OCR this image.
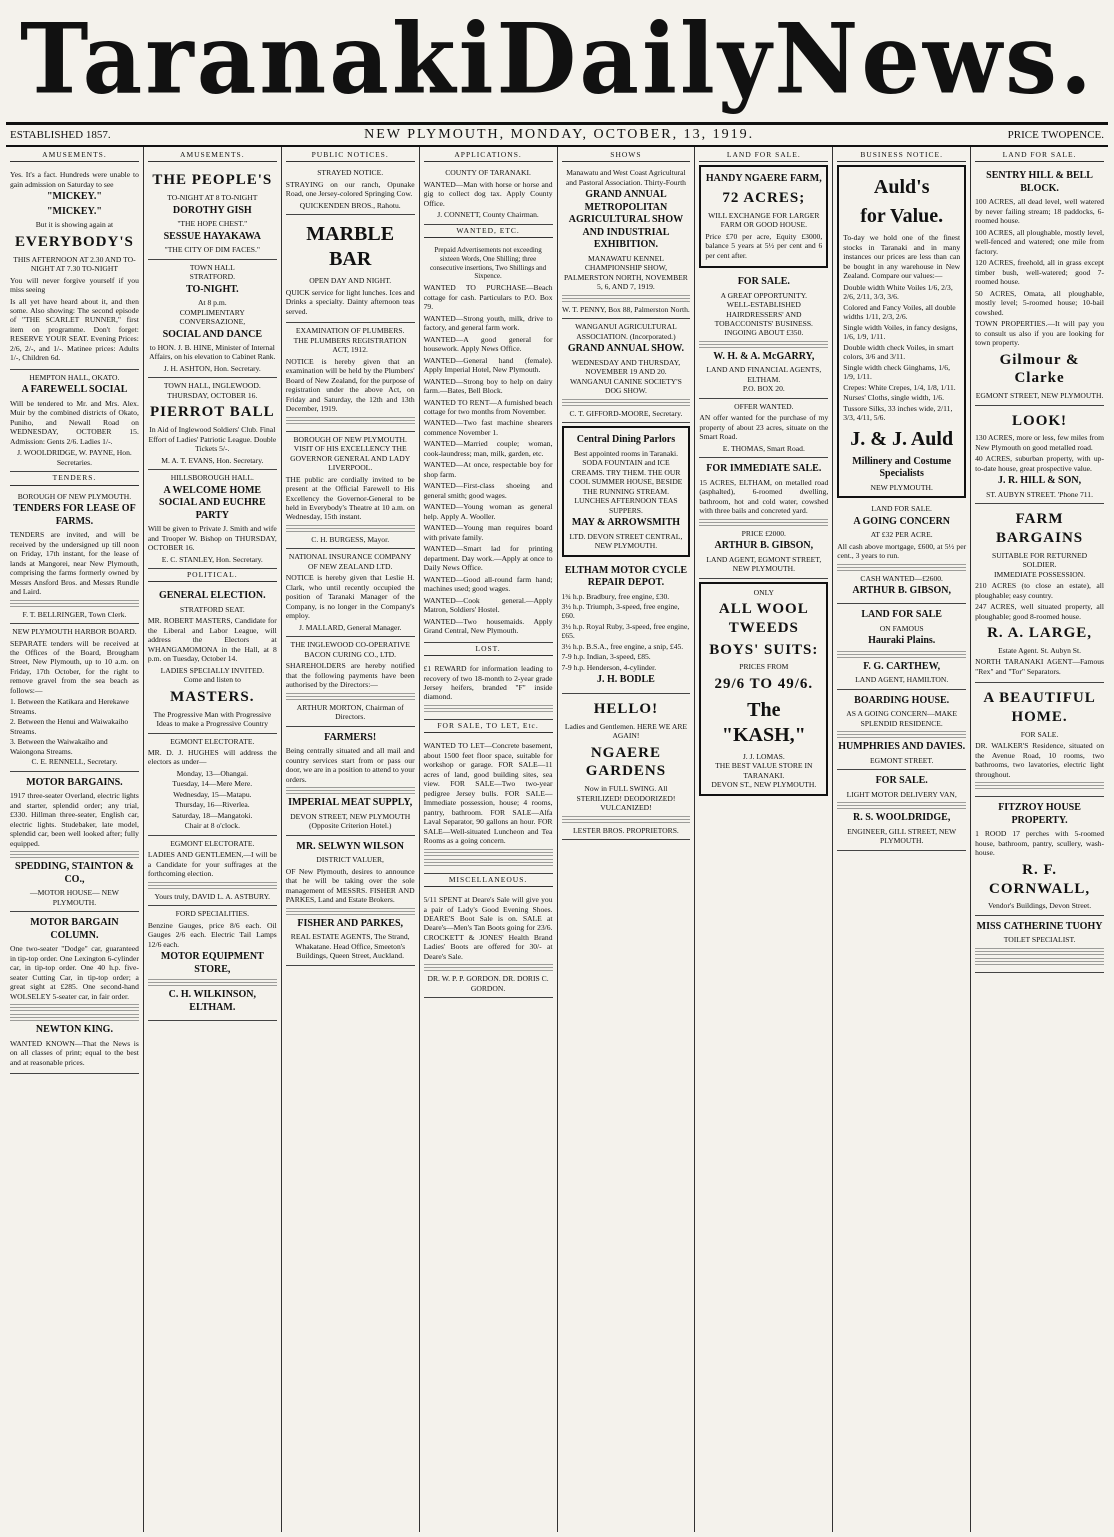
Taranaki Daily News.
ESTABLISHED 1857.	NEW PLYMOUTH, MONDAY, OCTOBER, 13, 1919.	PRICE TWOPENCE.
AMUSEMENTS.

Yes. It's a fact. Hundreds were unable to gain admission on Saturday to see

"MICKEY."
"MICKEY."
But it is showing again at
EVERYBODY'S
THIS AFTERNOON AT 2.30 AND TO-NIGHT AT 7.30 TO-NIGHT

You will never forgive yourself if you miss seeing

Is all yet have heard about it, and then some. Also showing: The second episode of "THE SCARLET RUNNER," first item on programme. Don't forget: RESERVE YOUR SEAT. Evening Prices: 2/6, 2/-, and 1/-. Matinee prices: Adults 1/-, Children 6d.

HEMPTON HALL, OKATO.
A FAREWELL SOCIAL

Will be tendered to Mr. and Mrs. Alex. Muir by the combined districts of Okato, Puniho, and Newall Road on WEDNESDAY, OCTOBER 15. Admission: Gents 2/6. Ladies 1/-.

J. WOOLDRIDGE, W. PAYNE, Hon. Secretaries.
TENDERS.
BOROUGH OF NEW PLYMOUTH.
TENDERS FOR LEASE OF FARMS.

TENDERS are invited, and will be received by the undersigned up till noon on Friday, 17th instant, for the lease of lands at Mangorei, near New Plymouth, comprising the farms formerly owned by Messrs Ansford Bros. and Messrs Rundle and Laird.

F. T. BELLRINGER, Town Clerk.
NEW PLYMOUTH HARBOR BOARD.

SEPARATE tenders will be received at the Offices of the Board, Brougham Street, New Plymouth, up to 10 a.m. on Friday, 17th October, for the right to remove gravel from the sea beach as follows:—

1. Between the Katikara and Herekawe Streams.
2. Between the Henui and Waiwakaiho Streams.
3. Between the Waiwakaiho and Waiongona Streams.
C. E. RENNELL, Secretary.
MOTOR BARGAINS.

1917 three-seater Overland, electric lights and starter, splendid order; any trial, £330. Hillman three-seater, English car, electric lights. Studebaker, late model, splendid car, been well looked after; fully equipped.

SPEDDING, STAINTON & CO.,
—MOTOR HOUSE— NEW PLYMOUTH.
MOTOR BARGAIN COLUMN.

One two-seater "Dodge" car, guaranteed in tip-top order. One Lexington 6-cylinder car, in tip-top order. One 40 h.p. five-seater Cutting Car, in tip-top order; a great sight at £285. One second-hand WOLSELEY 5-seater car, in fair order.

NEWTON KING.

WANTED KNOWN—That the News is on all classes of print; equal to the best and at reasonable prices.

AMUSEMENTS.
THE PEOPLE'S
TO-NIGHT AT 8 TO-NIGHT
DOROTHY GISH
"THE HOPE CHEST."
SESSUE HAYAKAWA
"THE CITY OF DIM FACES."
TOWN HALL
STRATFORD.
TO-NIGHT.
At 8 p.m.
COMPLIMENTARY CONVERSAZIONE,
SOCIAL AND DANCE

to HON. J. B. HINE, Minister of Internal Affairs, on his elevation to Cabinet Rank.

J. H. ASHTON, Hon. Secretary.
TOWN HALL, INGLEWOOD.
THURSDAY, OCTOBER 16.
PIERROT BALL

In Aid of Inglewood Soldiers' Club. Final Effort of Ladies' Patriotic League. Double Tickets 5/-.

M. A. T. EVANS, Hon. Secretary.
HILLSBOROUGH HALL.
A WELCOME HOME SOCIAL AND EUCHRE PARTY

Will be given to Private J. Smith and wife and Trooper W. Bishop on THURSDAY, OCTOBER 16.

E. C. STANLEY, Hon. Secretary.
POLITICAL.
GENERAL ELECTION.
STRATFORD SEAT.

MR. ROBERT MASTERS, Candidate for the Liberal and Labor League, will address the Electors at WHANGAMOMONA in the Hall, at 8 p.m. on Tuesday, October 14.

LADIES SPECIALLY INVITED.
Come and listen to
MASTERS.
The Progressive Man with Progressive Ideas to make a Progressive Country
EGMONT ELECTORATE.

MR. D. J. HUGHES will address the electors as under—

Monday, 13—Ohangai.
Tuesday, 14—Mere Mere.
Wednesday, 15—Matapu.
Thursday, 16—Riverlea.
Saturday, 18—Mangatoki.
Chair at 8 o'clock.
EGMONT ELECTORATE.

LADIES AND GENTLEMEN,—I will be a Candidate for your suffrages at the forthcoming election.

Yours truly, DAVID L. A. ASTBURY.
FORD SPECIALITIES.

Benzine Gauges, price 8/6 each. Oil Gauges 2/6 each. Electric Tail Lamps 12/6 each.

MOTOR EQUIPMENT STORE,
C. H. WILKINSON, ELTHAM.
PUBLIC NOTICES.
STRAYED NOTICE.

STRAYING on our ranch, Opunake Road, one Jersey-colored Springing Cow.

QUICKENDEN BROS., Rahotu.
MARBLE BAR
OPEN DAY AND NIGHT.

QUICK service for light lunches. Ices and Drinks a specialty. Dainty afternoon teas served.

EXAMINATION OF PLUMBERS.
THE PLUMBERS REGISTRATION ACT, 1912.

NOTICE is hereby given that an examination will be held by the Plumbers' Board of New Zealand, for the purpose of registration under the above Act, on Friday and Saturday, the 12th and 13th December, 1919.

BOROUGH OF NEW PLYMOUTH.
VISIT OF HIS EXCELLENCY THE GOVERNOR GENERAL AND LADY LIVERPOOL.

THE public are cordially invited to be present at the Official Farewell to His Excellency the Governor-General to be held in Everybody's Theatre at 10 a.m. on Wednesday, 15th instant.

C. H. BURGESS, Mayor.
NATIONAL INSURANCE COMPANY OF NEW ZEALAND LTD.

NOTICE is hereby given that Leslie H. Clark, who until recently occupied the position of Taranaki Manager of the Company, is no longer in the Company's employ.

J. MALLARD, General Manager.
THE INGLEWOOD CO-OPERATIVE BACON CURING CO., LTD.

SHAREHOLDERS are hereby notified that the following payments have been authorised by the Directors:—

ARTHUR MORTON, Chairman of Directors.
FARMERS!

Being centrally situated and all mail and country services start from or pass our door, we are in a position to attend to your orders.

IMPERIAL MEAT SUPPLY,
DEVON STREET, NEW PLYMOUTH (Opposite Criterion Hotel.)
MR. SELWYN WILSON
DISTRICT VALUER,

OF New Plymouth, desires to announce that he will be taking over the sole management of MESSRS. FISHER AND PARKES, Land and Estate Brokers.

FISHER AND PARKES,
REAL ESTATE AGENTS, The Strand, Whakatane. Head Office, Smeeton's Buildings, Queen Street, Auckland.
APPLICATIONS.
COUNTY OF TARANAKI.

WANTED—Man with horse or horse and gig to collect dog tax. Apply County Office.

J. CONNETT, County Chairman.
WANTED, ETC.

Prepaid Advertisements not exceeding sixteen Words, One Shilling; three consecutive insertions, Two Shillings and Sixpence.

WANTED TO PURCHASE—Beach cottage for cash. Particulars to P.O. Box 79.

WANTED—Strong youth, milk, drive to factory, and general farm work.

WANTED—A good general for housework. Apply News Office.

WANTED—General hand (female). Apply Imperial Hotel, New Plymouth.

WANTED—Strong boy to help on dairy farm.—Bates, Bell Block.

WANTED TO RENT—A furnished beach cottage for two months from November.

WANTED—Two fast machine shearers commence November 1.

WANTED—Married couple; woman, cook-laundress; man, milk, garden, etc.

WANTED—At once, respectable boy for shop farm.

WANTED—First-class shoeing and general smith; good wages.

WANTED—Young woman as general help. Apply A. Wooller.

WANTED—Young man requires board with private family.

WANTED—Smart lad for printing department. Day work.—Apply at once to Daily News Office.

WANTED—Good all-round farm hand; machines used; good wages.

WANTED—Cook general.—Apply Matron, Soldiers' Hostel.

WANTED—Two housemaids. Apply Grand Central, New Plymouth.

LOST.

£1 REWARD for information leading to recovery of two 18-month to 2-year grade Jersey heifers, branded "F" inside diamond.

FOR SALE, TO LET, Etc.

WANTED TO LET—Concrete basement, about 1500 feet floor space, suitable for workshop or garage. FOR SALE—11 acres of land, good building sites, sea view. FOR SALE—Two two-year pedigree Jersey bulls. FOR SALE—Immediate possession, house; 4 rooms, pantry, bathroom. FOR SALE—Alfa Laval Separator, 90 gallons an hour. FOR SALE—Well-situated Luncheon and Tea Rooms as a going concern.

MISCELLANEOUS.

5/11 SPENT at Deare's Sale will give you a pair of Lady's Good Evening Shoes. DEARE'S Boot Sale is on. SALE at Deare's—Men's Tan Boots going for 23/6. CROCKETT & JONES' Health Brand Ladies' Boots are offered for 30/- at Deare's Sale.

DR. W. P. P. GORDON. DR. DORIS C. GORDON.
SHOWS
Manawatu and West Coast Agricultural and Pastoral Association. Thirty-Fourth
GRAND ANNUAL METROPOLITAN AGRICULTURAL SHOW AND INDUSTRIAL EXHIBITION.
MANAWATU KENNEL CHAMPIONSHIP SHOW,
PALMERSTON NORTH, NOVEMBER 5, 6, AND 7, 1919.
W. T. PENNY, Box 88, Palmerston North.
WANGANUI AGRICULTURAL ASSOCIATION. (Incorporated.)
GRAND ANNUAL SHOW.
WEDNESDAY AND THURSDAY, NOVEMBER 19 AND 20.
WANGANUI CANINE SOCIETY'S DOG SHOW.
C. T. GIFFORD-MOORE, Secretary.
Central Dining Parlors

Best appointed rooms in Taranaki. SODA FOUNTAIN and ICE CREAMS. TRY THEM. THE OUR COOL SUMMER HOUSE, BESIDE THE RUNNING STREAM. LUNCHES AFTERNOON TEAS SUPPERS.

MAY & ARROWSMITH
LTD. DEVON STREET CENTRAL, NEW PLYMOUTH.
ELTHAM MOTOR CYCLE REPAIR DEPOT.
1¾ h.p. Bradbury, free engine, £30.
3½ h.p. Triumph, 3-speed, free engine, £60.
3½ h.p. Royal Ruby, 3-speed, free engine, £65.
3½ h.p. B.S.A., free engine, a snip, £45.
7-9 h.p. Indian, 3-speed, £85.
7-9 h.p. Henderson, 4-cylinder.
J. H. BODLE
HELLO!
Ladies and Gentlemen. HERE WE ARE AGAIN!
NGAERE GARDENS

Now in FULL SWING. All STERILIZED! DEODORIZED! VULCANIZED!

LESTER BROS. PROPRIETORS.
LAND FOR SALE.
HANDY NGAERE FARM,
72 ACRES;
WILL EXCHANGE FOR LARGER FARM OR GOOD HOUSE.

Price £70 per acre, Equity £3000, balance 5 years at 5½ per cent and 6 per cent after.

FOR SALE.
A GREAT OPPORTUNITY.
WELL-ESTABLISHED HAIRDRESSERS' AND TOBACCONISTS' BUSINESS. INGOING ABOUT £350.
W. H. & A. McGARRY,
LAND AND FINANCIAL AGENTS, ELTHAM.
P.O. BOX 20.
OFFER WANTED.

AN offer wanted for the purchase of my property of about 23 acres, situate on the Smart Road.

E. THOMAS, Smart Road.
FOR IMMEDIATE SALE.

15 ACRES, ELTHAM, on metalled road (asphalted), 6-roomed dwelling, bathroom, hot and cold water, cowshed with three bails and concreted yard.

PRICE £2000.
ARTHUR B. GIBSON,
LAND AGENT, EGMONT STREET, NEW PLYMOUTH.
ONLY
ALL WOOL TWEEDS
BOYS' SUITS:
PRICES FROM
29/6 TO 49/6.
The "KASH,"
J. J. LOMAS.
THE BEST VALUE STORE IN TARANAKI.
DEVON ST., NEW PLYMOUTH.
BUSINESS NOTICE.
Auld's
for Value.

To-day we hold one of the finest stocks in Taranaki and in many instances our prices are less than can be bought in any warehouse in New Zealand. Compare our values:—

Double width White Voiles 1/6, 2/3, 2/6, 2/11, 3/3, 3/6.
Colored and Fancy Voiles, all double widths 1/11, 2/3, 2/6.
Single width Voiles, in fancy designs, 1/6, 1/9, 1/11.
Double width check Voiles, in smart colors, 3/6 and 3/11.
Single width check Ginghams, 1/6, 1/9, 1/11.
Crepes: White Crepes, 1/4, 1/8, 1/11.
Nurses' Cloths, single width, 1/6.
Tussore Silks, 33 inches wide, 2/11, 3/3, 4/11, 5/6.
J. & J. Auld
Millinery and Costume Specialists
NEW PLYMOUTH.
LAND FOR SALE.
A GOING CONCERN
AT £32 PER ACRE.

All cash above mortgage, £600, at 5½ per cent., 3 years to run.

CASH WANTED—£2600.
ARTHUR B. GIBSON,
LAND FOR SALE
ON FAMOUS
Hauraki Plains.
F. G. CARTHEW,
LAND AGENT, HAMILTON.
BOARDING HOUSE.
AS A GOING CONCERN—MAKE SPLENDID RESIDENCE.
HUMPHRIES AND DAVIES.
EGMONT STREET.
FOR SALE.
LIGHT MOTOR DELIVERY VAN,
R. S. WOOLDRIDGE,
ENGINEER, GILL STREET, NEW PLYMOUTH.
LAND FOR SALE.
SENTRY HILL & BELL BLOCK.

100 ACRES, all dead level, well watered by never failing stream; 18 paddocks, 6-roomed house.

100 ACRES, all ploughable, mostly level, well-fenced and watered; one mile from factory.

120 ACRES, freehold, all in grass except timber bush, well-watered; good 7-roomed house.

50 ACRES, Omata, all ploughable, mostly level; 5-roomed house; 10-bail cowshed.

TOWN PROPERTIES.—It will pay you to consult us also if you are looking for town property.

Gilmour & Clarke
EGMONT STREET, NEW PLYMOUTH.
LOOK!

130 ACRES, more or less, few miles from New Plymouth on good metalled road.

40 ACRES, suburban property, with up-to-date house, great prospective value.

J. R. HILL & SON,
ST. AUBYN STREET. 'Phone 711.
FARM BARGAINS
SUITABLE FOR RETURNED SOLDIER.
IMMEDIATE POSSESSION.

210 ACRES (to close an estate), all ploughable; easy country.

247 ACRES, well situated property, all ploughable; good 8-roomed house.

R. A. LARGE,
Estate Agent. St. Aubyn St.

NORTH TARANAKI AGENT—Famous "Rex" and "Tor" Separators.

A BEAUTIFUL HOME.
FOR SALE.

DR. WALKER'S Residence, situated on the Avenue Road, 10 rooms, two bathrooms, two lavatories, electric light throughout.

FITZROY HOUSE PROPERTY.

1 ROOD 17 perches with 5-roomed house, bathroom, pantry, scullery, wash-house.

R. F. CORNWALL,
Vendor's Buildings, Devon Street.
MISS CATHERINE TUOHY
TOILET SPECIALIST.
